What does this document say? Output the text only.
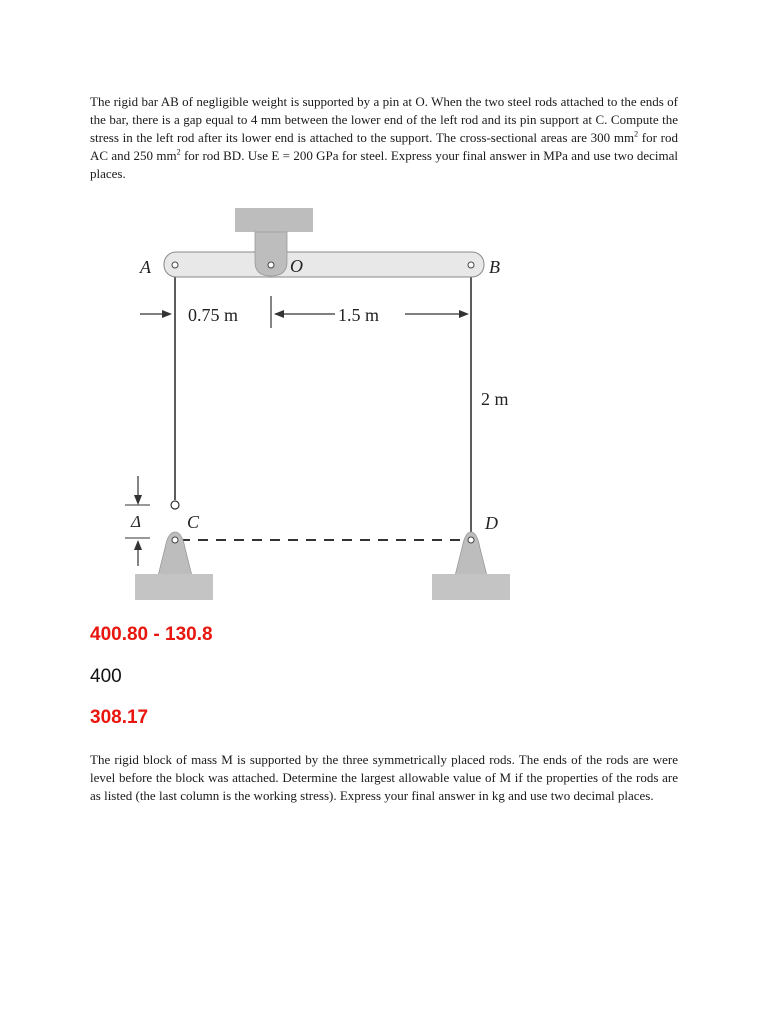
The rigid bar AB of negligible weight is supported by a pin at O. When the two steel rods attached to the ends of the bar, there is a gap equal to 4 mm between the lower end of the left rod and its pin support at C. Compute the stress in the left rod after its lower end is attached to the support. The cross-sectional areas are 300 $mm^2$ for rod AC and 250 $mm^2$ for rod BD. Use E = 200 GPa for steel. Express your final answer in MPa and use two decimal places.

A	O	B
0.75 m	1.5 m
2 m
Δ	C	D
400.80 - 130.8
400
308.17

The rigid block of mass M is supported by the three symmetrically placed rods. The ends of the rods are were level before the block was attached. Determine the largest allowable value of M if the properties of the rods are as listed (the last column is the working stress). Express your final answer in kg and use two decimal places.
